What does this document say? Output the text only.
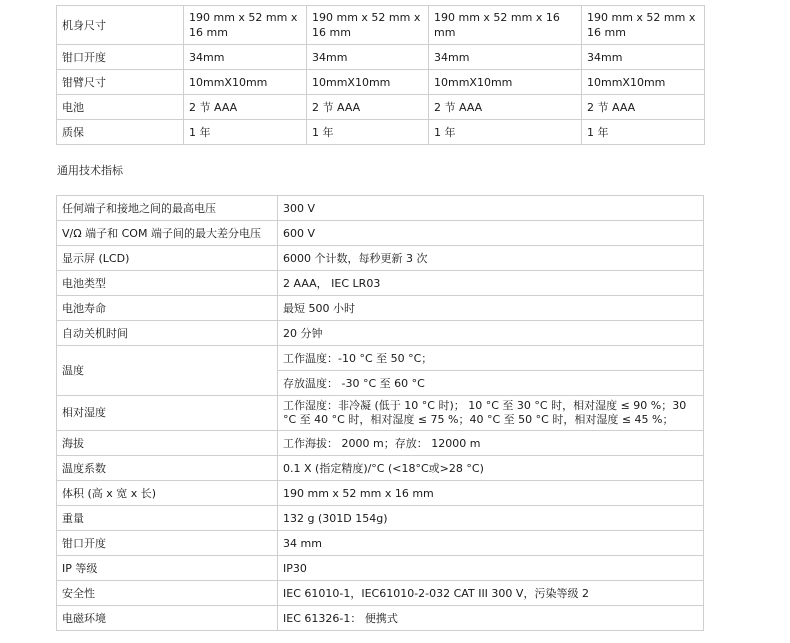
机身尺寸	190 mm x 52 mm x 16 mm	190 mm x 52 mm x 16 mm	190 mm x 52 mm x 16 mm	190 mm x 52 mm x 16 mm
钳口开度	34mm	34mm	34mm	34mm
钳臂尺寸	10mmX10mm	10mmX10mm	10mmX10mm	10mmX10mm
电池	2 节 AAA	2 节 AAA	2 节 AAA	2 节 AAA
质保	1 年	1 年	1 年	1 年
通用技术指标
任何端子和接地之间的最高电压	300 V
V/Ω 端子和 COM 端子间的最大差分电压	600 V
显示屏 (LCD)	6000 个计数，每秒更新 3 次
电池类型	2 AAA， IEC LR03
电池寿命	最短 500 小时
自动关机时间	20 分钟
温度	工作温度：-10 °C 至 50 °C；
	存放温度： -30 °C 至 60 °C
相对湿度	工作湿度：非冷凝 (低于 10 °C 时)； 10 °C 至 30 °C 时，相对湿度 ≤ 90 %；30
°C 至 40 °C 时，相对湿度 ≤ 75 %；40 °C 至 50 °C 时，相对湿度 ≤ 45 %；

海拔	工作海拔： 2000 m；存放： 12000 m
温度系数	0.1 X (指定精度)/°C (<18°C或>28 °C)
体积 (高 x 宽 x 长)	190 mm x 52 mm x 16 mm
重量	132 g (301D 154g)
钳口开度	34 mm
IP 等级	IP30
安全性	IEC 61010-1，IEC61010-2-032 CAT III 300 V，污染等级 2
电磁环境	IEC 61326-1： 便携式
